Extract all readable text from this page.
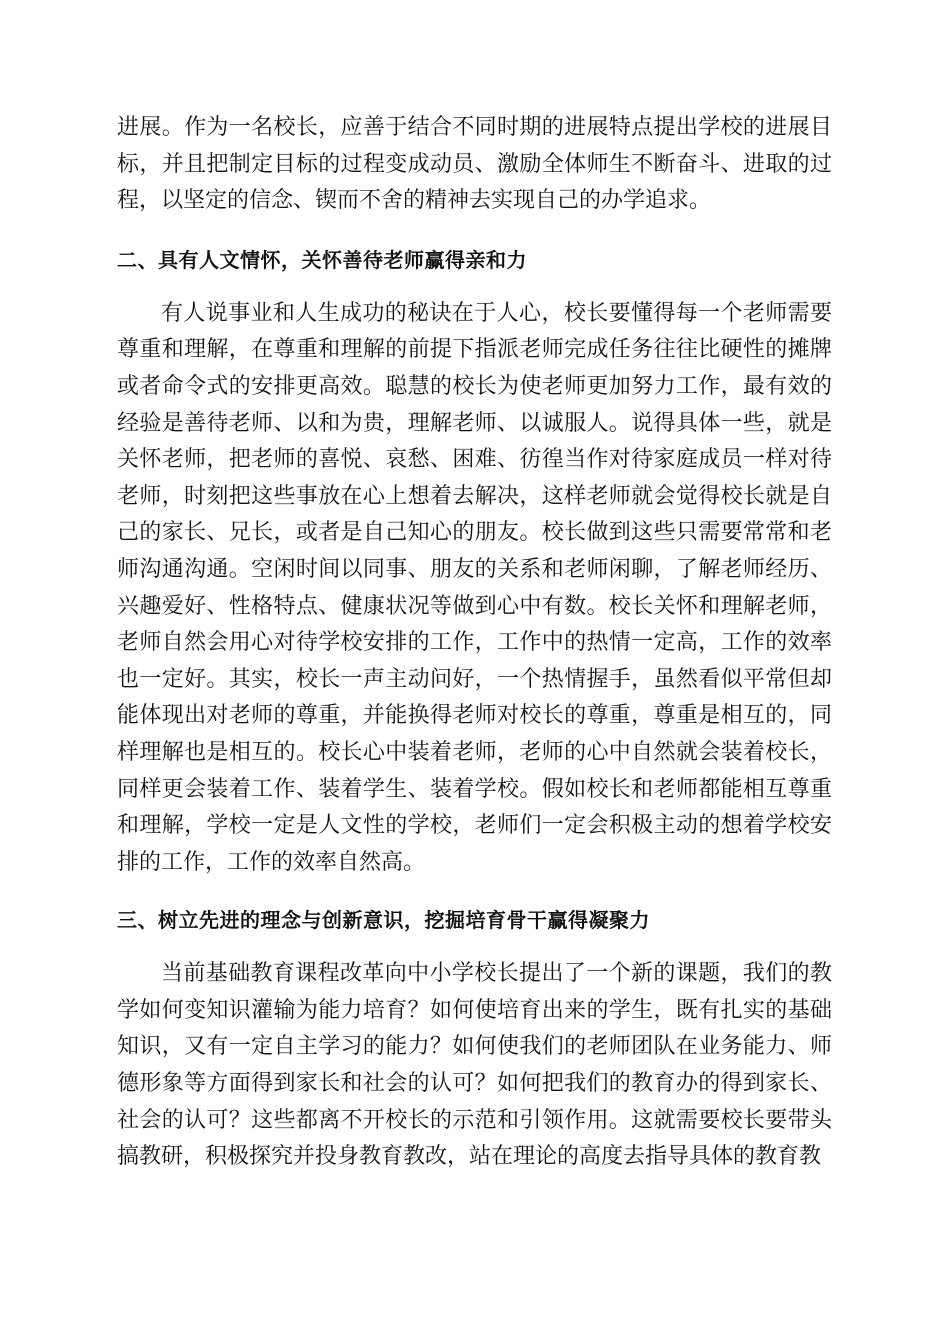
进展。作为一名校长，应善于结合不同时期的进展特点提出学校的进展目标，并且把制定目标的过程变成动员、激励全体师生不断奋斗、进取的过程，以坚定的信念、锲而不舍的精神去实现自己的办学追求。

二、具有人文情怀，关怀善待老师赢得亲和力

有人说事业和人生成功的秘诀在于人心，校长要懂得每一个老师需要尊重和理解，在尊重和理解的前提下指派老师完成任务往往比硬性的摊牌或者命令式的安排更高效。聪慧的校长为使老师更加努力工作，最有效的经验是善待老师、以和为贵，理解老师、以诚服人。说得具体一些，就是关怀老师，把老师的喜悦、哀愁、困难、彷徨当作对待家庭成员一样对待老师，时刻把这些事放在心上想着去解决，这样老师就会觉得校长就是自己的家长、兄长，或者是自己知心的朋友。校长做到这些只需要常常和老师沟通沟通。空闲时间以同事、朋友的关系和老师闲聊，了解老师经历、兴趣爱好、性格特点、健康状况等做到心中有数。校长关怀和理解老师，老师自然会用心对待学校安排的工作，工作中的热情一定高，工作的效率也一定好。其实，校长一声主动问好，一个热情握手，虽然看似平常但却能体现出对老师的尊重，并能换得老师对校长的尊重，尊重是相互的，同样理解也是相互的。校长心中装着老师，老师的心中自然就会装着校长，同样更会装着工作、装着学生、装着学校。假如校长和老师都能相互尊重和理解，学校一定是人文性的学校，老师们一定会积极主动的想着学校安排的工作，工作的效率自然高。

三、树立先进的理念与创新意识，挖掘培育骨干赢得凝聚力

当前基础教育课程改革向中小学校长提出了一个新的课题，我们的教学如何变知识灌输为能力培育？如何使培育出来的学生，既有扎实的基础知识，又有一定自主学习的能力？如何使我们的老师团队在业务能力、师德形象等方面得到家长和社会的认可？如何把我们的教育办的得到家长、社会的认可？这些都离不开校长的示范和引领作用。这就需要校长要带头搞教研，积极探究并投身教育教改，站在理论的高度去指导具体的教育教
